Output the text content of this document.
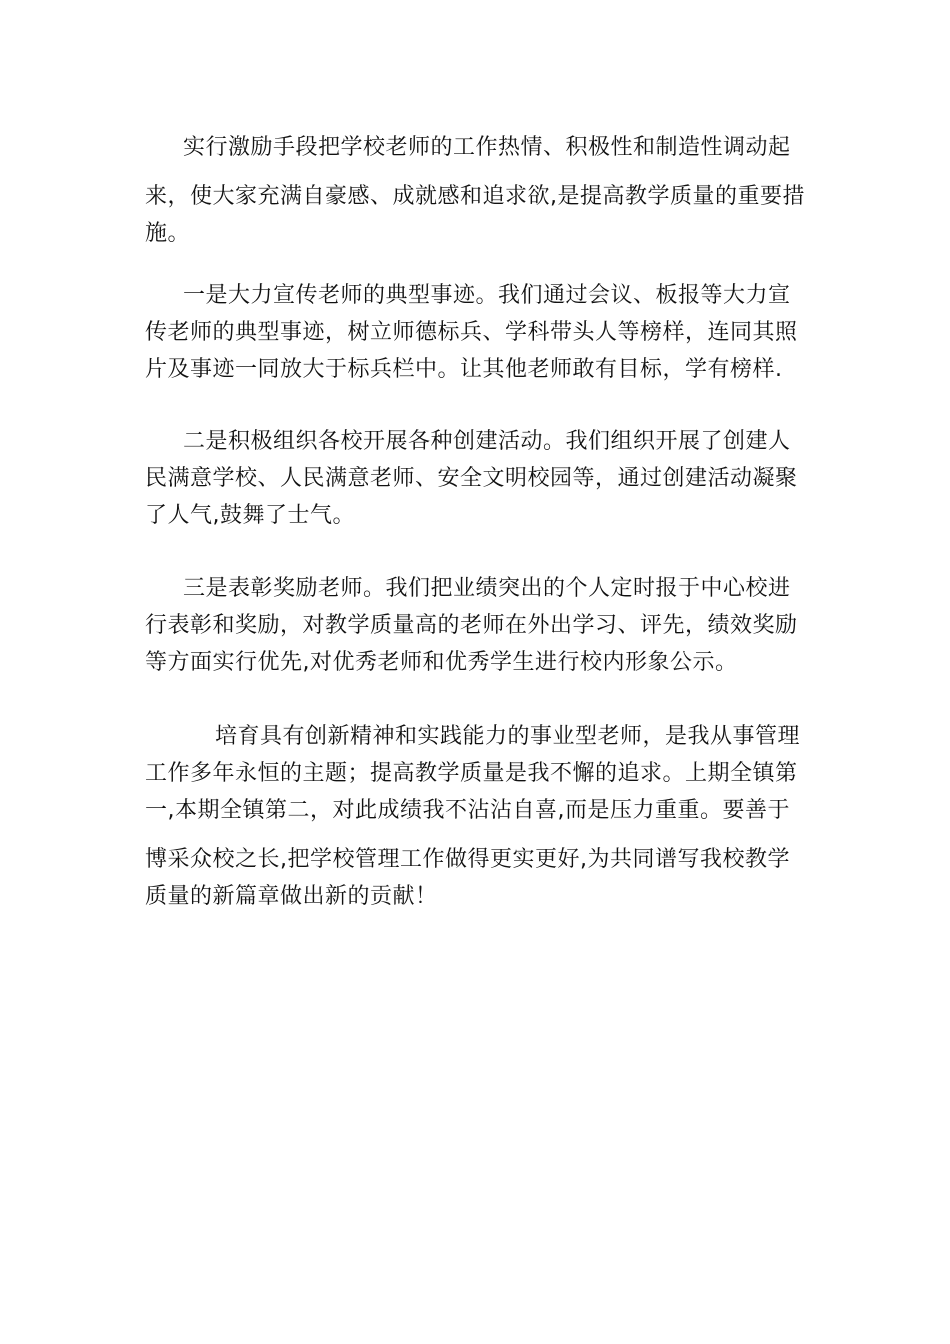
实行激励手段把学校老师的工作热情、积极性和制造性调动起
来，使大家充满自豪感、成就感和追求欲,是提高教学质量的重要措
施。

一是大力宣传老师的典型事迹。我们通过会议、板报等大力宣
传老师的典型事迹，树立师德标兵、学科带头人等榜样，连同其照
片及事迹一同放大于标兵栏中。让其他老师敢有目标，学有榜样.

二是积极组织各校开展各种创建活动。我们组织开展了创建人
民满意学校、人民满意老师、安全文明校园等，通过创建活动凝聚
了人气,鼓舞了士气。

三是表彰奖励老师。我们把业绩突出的个人定时报于中心校进
行表彰和奖励，对教学质量高的老师在外出学习、评先，绩效奖励
等方面实行优先,对优秀老师和优秀学生进行校内形象公示。

培育具有创新精神和实践能力的事业型老师，是我从事管理
工作多年永恒的主题；提高教学质量是我不懈的追求。上期全镇第
一,本期全镇第二，对此成绩我不沾沾自喜,而是压力重重。要善于
博采众校之长,把学校管理工作做得更实更好,为共同谱写我校教学
质量的新篇章做出新的贡献！
